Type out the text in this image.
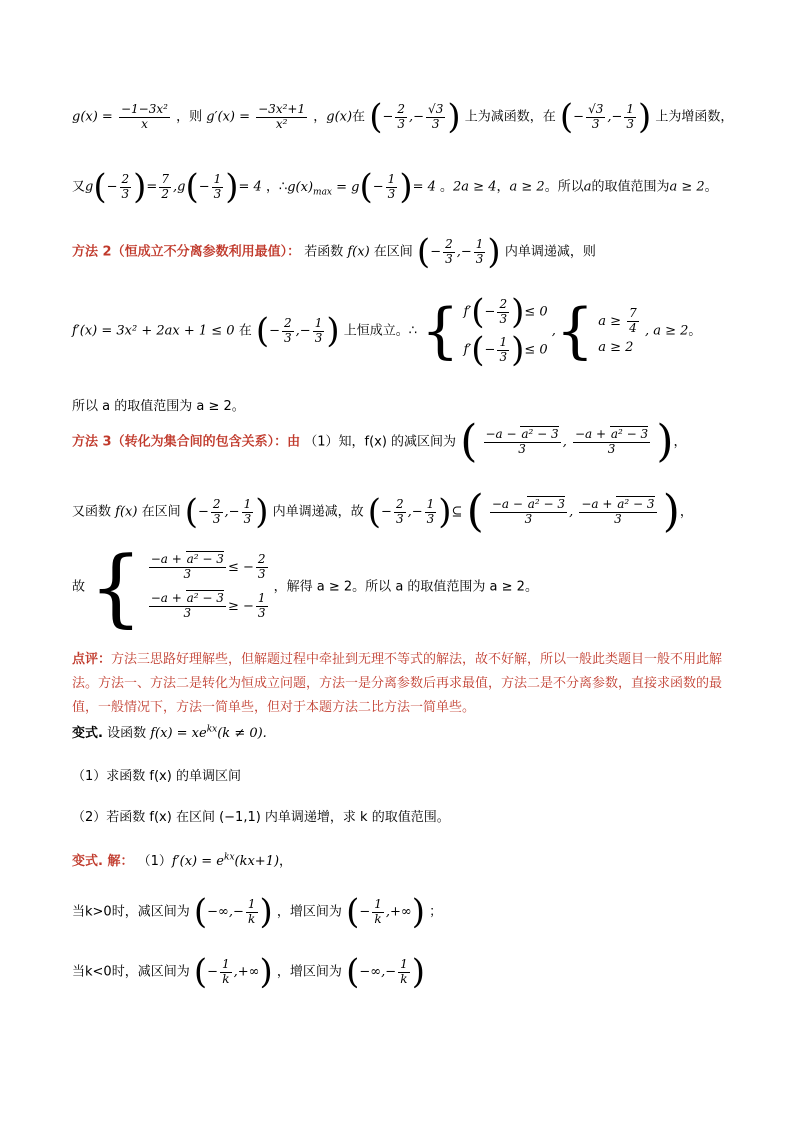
$g(x) = \frac{\text{−1−3x²}}{x}$ ，则 $g'(x) = \frac{\text{−3x²+1}}{\text{x²}}$ ，g(x)在 (− $\frac{2}{3}$ ,− $\frac{√3}{3}$ ) 上为减函数，在 (− $\frac{√3}{3}$ ,− $\frac{1}{3}$ ) 上为增函数，
又$g(- \frac{2}{3}$ )= $\frac{7}{2} ,g(- \frac{1}{3}$ )= 4 ，$\therefore g(x)_{max} = g(- \frac{1}{3}$ )= 4 。2a ≥ 4，a ≥ 2。所以a的取值范围为a ≥ 2。
方法 2（恒成立不分离参数利用最值）： 若函数 f(x) 在区间 (− $\frac{2}{3}$ ,− $\frac{1}{3}$ ) 内单调递减，则
f′(x) = 3x² + 2ax + 1 ≤ 0 在 (− $\frac{2}{3}$ ,− $\frac{1}{3}$ ) 上恒成立。∴ { $f'(- \frac{2}{3}$ )≤ 0
$f'(- \frac{1}{3}$ )≤ 0
,{ $a \ge \frac{7}{4}$
a ≥ 2
, a ≥ 2。
所以 a 的取值范围为 a ≥ 2。
方法 3（转化为集合间的包含关系）：由 （1）知，f(x) 的减区间为 ( $\frac{\text{−a − a² − 3}}{3}$ , $\frac{\text{−a + a² − 3}}{3}$ )，
又函数 f(x) 在区间 (− $\frac{2}{3}$ ,− $\frac{1}{3}$ ) 内单调递减，故 (− $\frac{2}{3}$ ,− $\frac{1}{3}$ )⊆ ( $\frac{\text{−a − a² − 3}}{3}$ , $\frac{\text{−a + a² − 3}}{3}$ )，
故 { $\frac{\text{−a + a² − 3}}{3}$ ≤ − $\frac{2}{3}$
$\frac{\text{−a + a² − 3}}{3}$ ≥ − $\frac{1}{3}$
，解得 a ≥ 2。所以 a 的取值范围为 a ≥ 2。
点评：方法三思路好理解些，但解题过程中牵扯到无理不等式的解法，故不好解，所以一般此类题目一般不用此解法。方法一、方法二是转化为恒成立问题，方法一是分离参数后再求最值，方法二是不分离参数，直接求函数的最值，一般情况下，方法一简单些，但对于本题方法二比方法一简单些。
变式. 设函数 $f(x) = xe^{kx}(k \ne 0)$.
（1）求函数 f(x) 的单调区间
（2）若函数 f(x) 在区间 (−1,1) 内单调递增，求 k 的取值范围。
变式. 解： $(1)f'(x) = e^{kx}(kx+1)$，
当k>0时，减区间为 (−∞,− $\frac{1}{k}$ ) ，增区间为 (− $\frac{1}{k}$ ,+∞) ；
当k<0时，减区间为 (− $\frac{1}{k}$ ,+∞) ，增区间为 (−∞,− $\frac{1}{k}$ )
